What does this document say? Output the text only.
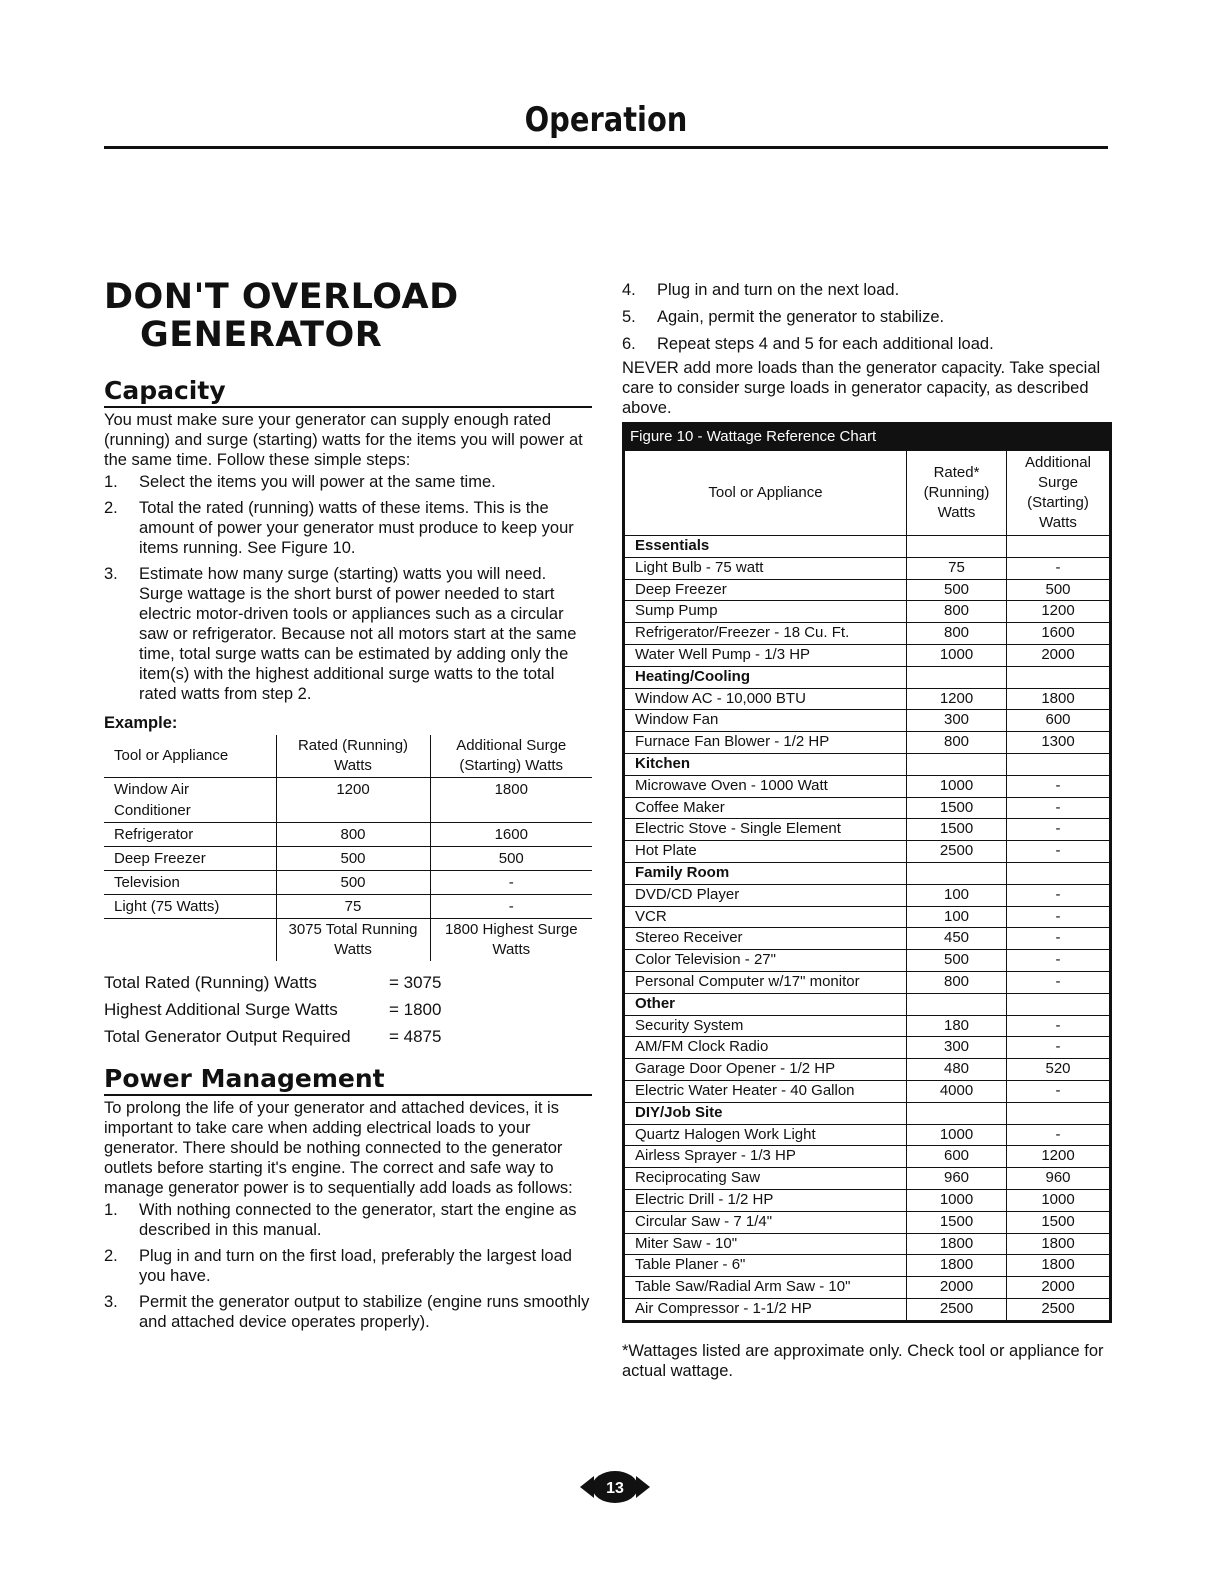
Operation
DON'T OVERLOAD
GENERATOR
Capacity

You must make sure your generator can supply enough rated (running) and surge (starting) watts for the items you will power at the same time. Follow these simple steps:

1. Select the items you will power at the same time.
2. Total the rated (running) watts of these items. This is the amount of power your generator must produce to keep your items running. See Figure 10.
3. Estimate how many surge (starting) watts you will need. Surge wattage is the short burst of power needed to start electric motor-driven tools or appliances such as a circular saw or refrigerator. Because not all motors start at the same time, total surge watts can be estimated by adding only the item(s) with the highest additional surge watts to the total rated watts from step 2.
Example:
Tool or Appliance	Rated (Running) Watts	Additional Surge (Starting) Watts
Window Air Conditioner	1200	1800
Refrigerator	800	1600
Deep Freezer	500	500
Television	500	-
Light (75 Watts)	75	-
	3075 Total Running Watts	1800 Highest Surge Watts
Total Rated (Running) Watts	= 3075
Highest Additional Surge Watts	= 1800
Total Generator Output Required	= 4875
Power Management

To prolong the life of your generator and attached devices, it is important to take care when adding electrical loads to your generator. There should be nothing connected to the generator outlets before starting it's engine. The correct and safe way to manage generator power is to sequentially add loads as follows:

1. With nothing connected to the generator, start the engine as described in this manual.
2. Plug in and turn on the first load, preferably the largest load you have.
3. Permit the generator output to stabilize (engine runs smoothly and attached device operates properly).
4. Plug in and turn on the next load.
5. Again, permit the generator to stabilize.
6. Repeat steps 4 and 5 for each additional load.

NEVER add more loads than the generator capacity. Take special care to consider surge loads in generator capacity, as described above.

Figure 10 - Wattage Reference Chart
Tool or Appliance	Rated* (Running) Watts	Additional Surge (Starting) Watts
Essentials		
Light Bulb - 75 watt	75	-
Deep Freezer	500	500
Sump Pump	800	1200
Refrigerator/Freezer - 18 Cu. Ft.	800	1600
Water Well Pump - 1/3 HP	1000	2000
Heating/Cooling		
Window AC - 10,000 BTU	1200	1800
Window Fan	300	600
Furnace Fan Blower - 1/2 HP	800	1300
Kitchen		
Microwave Oven - 1000 Watt	1000	-
Coffee Maker	1500	-
Electric Stove - Single Element	1500	-
Hot Plate	2500	-
Family Room		
DVD/CD Player	100	-
VCR	100	-
Stereo Receiver	450	-
Color Television - 27"	500	-
Personal Computer w/17" monitor	800	-
Other		
Security System	180	-
AM/FM Clock Radio	300	-
Garage Door Opener - 1/2 HP	480	520
Electric Water Heater - 40 Gallon	4000	-
DIY/Job Site		
Quartz Halogen Work Light	1000	-
Airless Sprayer - 1/3 HP	600	1200
Reciprocating Saw	960	960
Electric Drill - 1/2 HP	1000	1000
Circular Saw - 7 1/4"	1500	1500
Miter Saw - 10"	1800	1800
Table Planer - 6"	1800	1800
Table Saw/Radial Arm Saw - 10"	2000	2000
Air Compressor - 1-1/2 HP	2500	2500

*Wattages listed are approximate only. Check tool or appliance for actual wattage.

13
